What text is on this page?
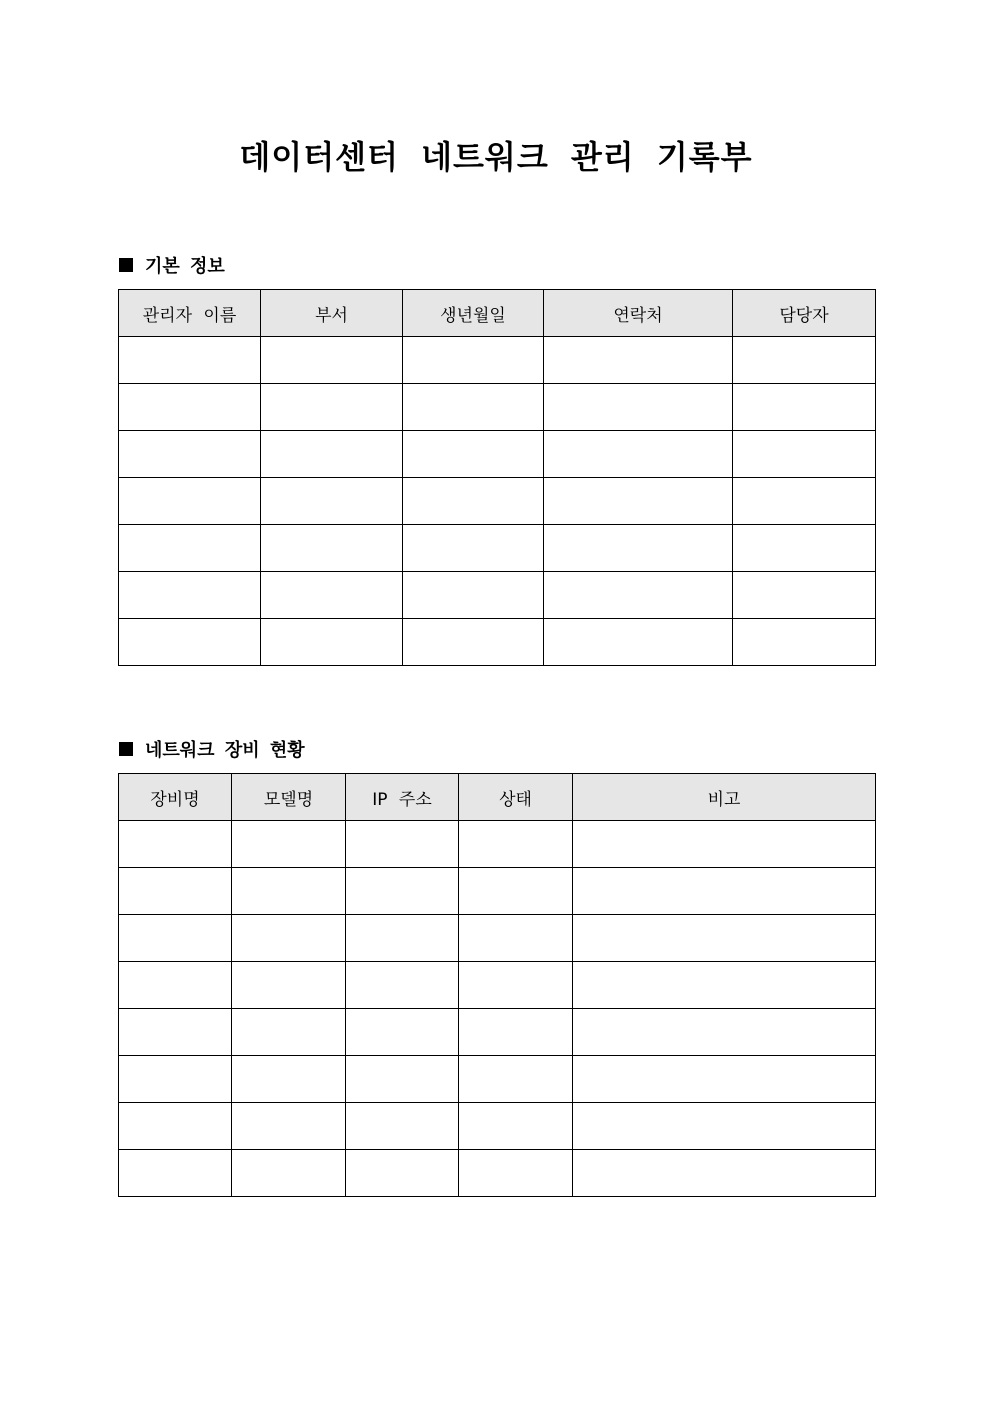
데이터센터 네트워크 관리 기록부
기본 정보
관리자 이름	부서	생년월일	연락처	담당자

네트워크 장비 현황
장비명	모델명	IP 주소	상태	비고
